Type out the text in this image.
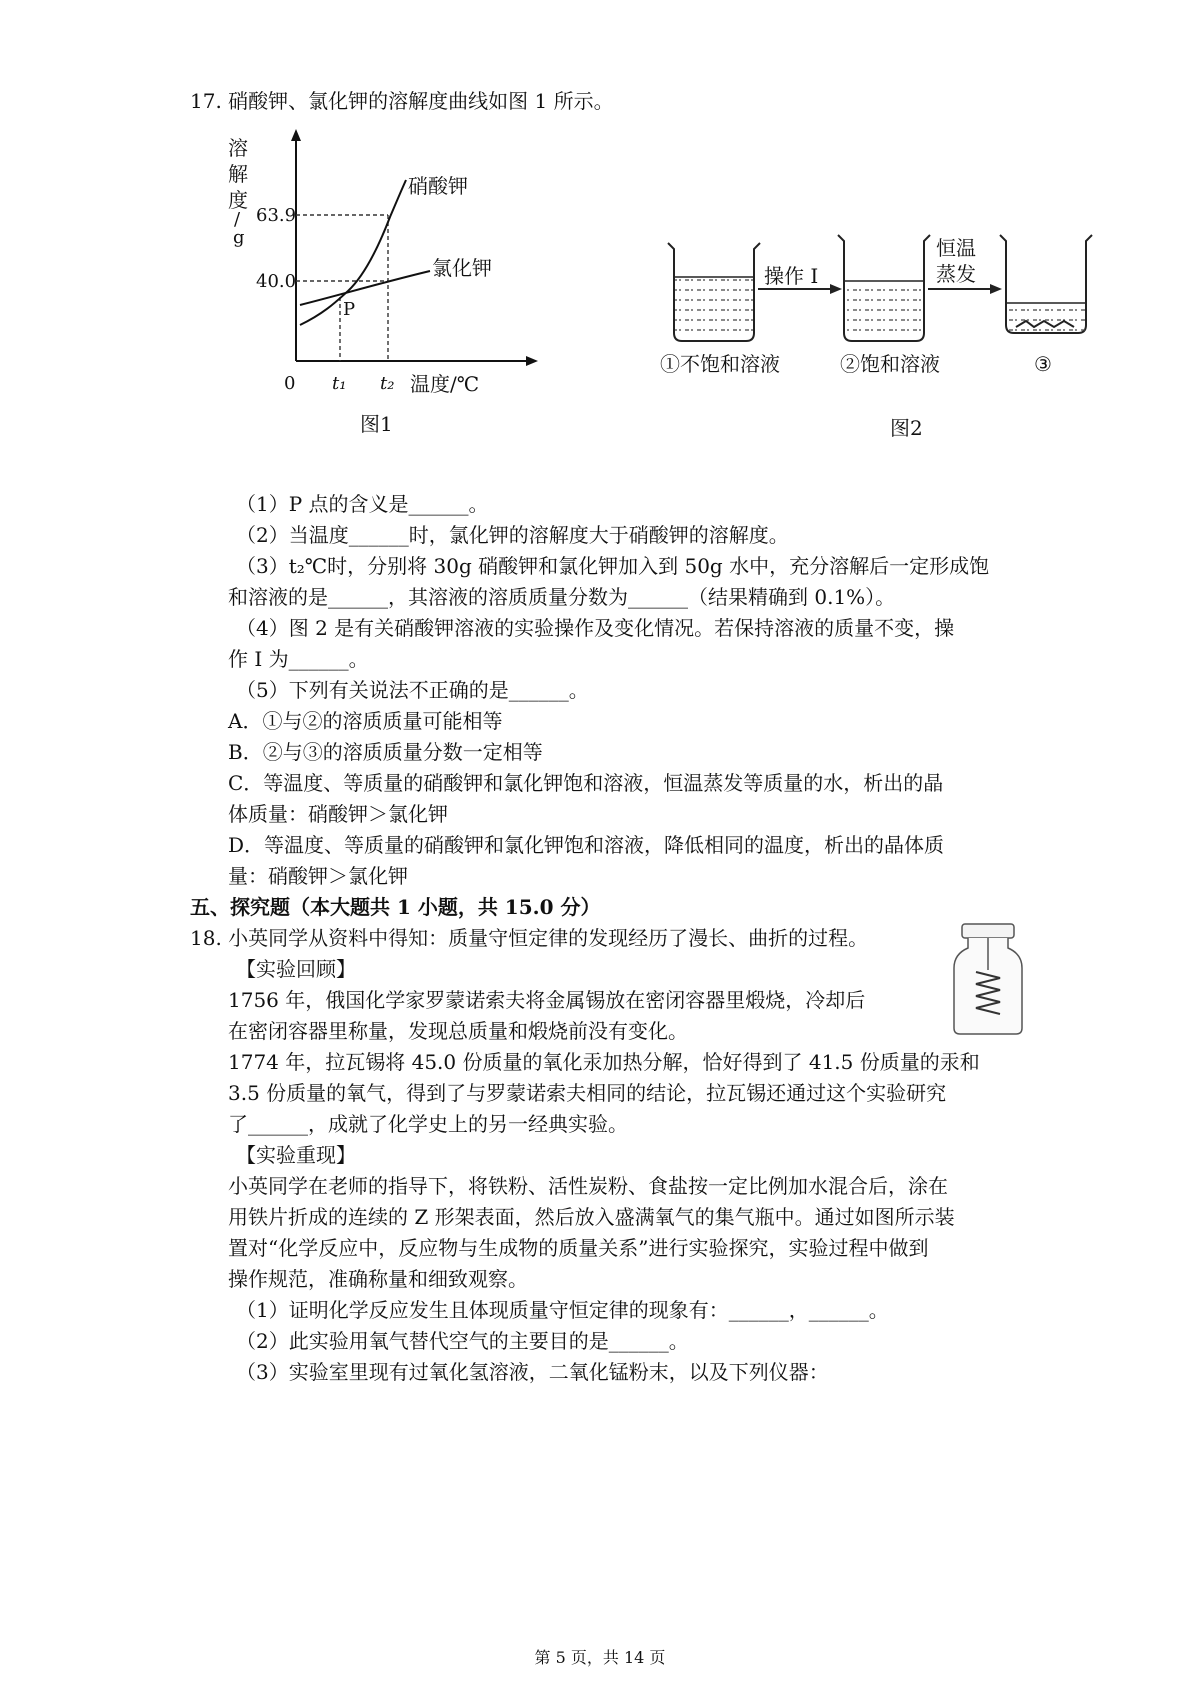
17. 硝酸钾、氯化钾的溶解度曲线如图 1 所示。
溶
解
度
/
g
63.9
40.0
0 t₁ t₂ 温度/℃
硝酸钾
氯化钾
P
图1
操作 I
恒温
蒸发
①不饱和溶液	②饱和溶液	③
图2
（1）P 点的含义是______。
（2）当温度______时，氯化钾的溶解度大于硝酸钾的溶解度。
（3）t₂℃时，分别将 30g 硝酸钾和氯化钾加入到 50g 水中，充分溶解后一定形成饱
和溶液的是______，其溶液的溶质质量分数为______（结果精确到 0.1%）。
（4）图 2 是有关硝酸钾溶液的实验操作及变化情况。若保持溶液的质量不变，操
作 I 为______。
（5）下列有关说法不正确的是______。
A．①与②的溶质质量可能相等
B．②与③的溶质质量分数一定相等
C．等温度、等质量的硝酸钾和氯化钾饱和溶液，恒温蒸发等质量的水，析出的晶
体质量：硝酸钾＞氯化钾
D．等温度、等质量的硝酸钾和氯化钾饱和溶液，降低相同的温度，析出的晶体质
量：硝酸钾＞氯化钾
五、探究题（本大题共 1 小题，共 15.0 分）
18. 小英同学从资料中得知：质量守恒定律的发现经历了漫长、曲折的过程。
【实验回顾】
1756 年，俄国化学家罗蒙诺索夫将金属锡放在密闭容器里煅烧，冷却后
在密闭容器里称量，发现总质量和煅烧前没有变化。
1774 年，拉瓦锡将 45.0 份质量的氧化汞加热分解，恰好得到了 41.5 份质量的汞和
3.5 份质量的氧气，得到了与罗蒙诺索夫相同的结论，拉瓦锡还通过这个实验研究
了______，成就了化学史上的另一经典实验。
【实验重现】
小英同学在老师的指导下，将铁粉、活性炭粉、食盐按一定比例加水混合后，涂在
用铁片折成的连续的 Z 形架表面，然后放入盛满氧气的集气瓶中。通过如图所示装
置对“化学反应中，反应物与生成物的质量关系”进行实验探究，实验过程中做到
操作规范，准确称量和细致观察。
（1）证明化学反应发生且体现质量守恒定律的现象有：______，______。
（2）此实验用氧气替代空气的主要目的是______。
（3）实验室里现有过氧化氢溶液，二氧化锰粉末，以及下列仪器：
第 5 页，共 14 页
